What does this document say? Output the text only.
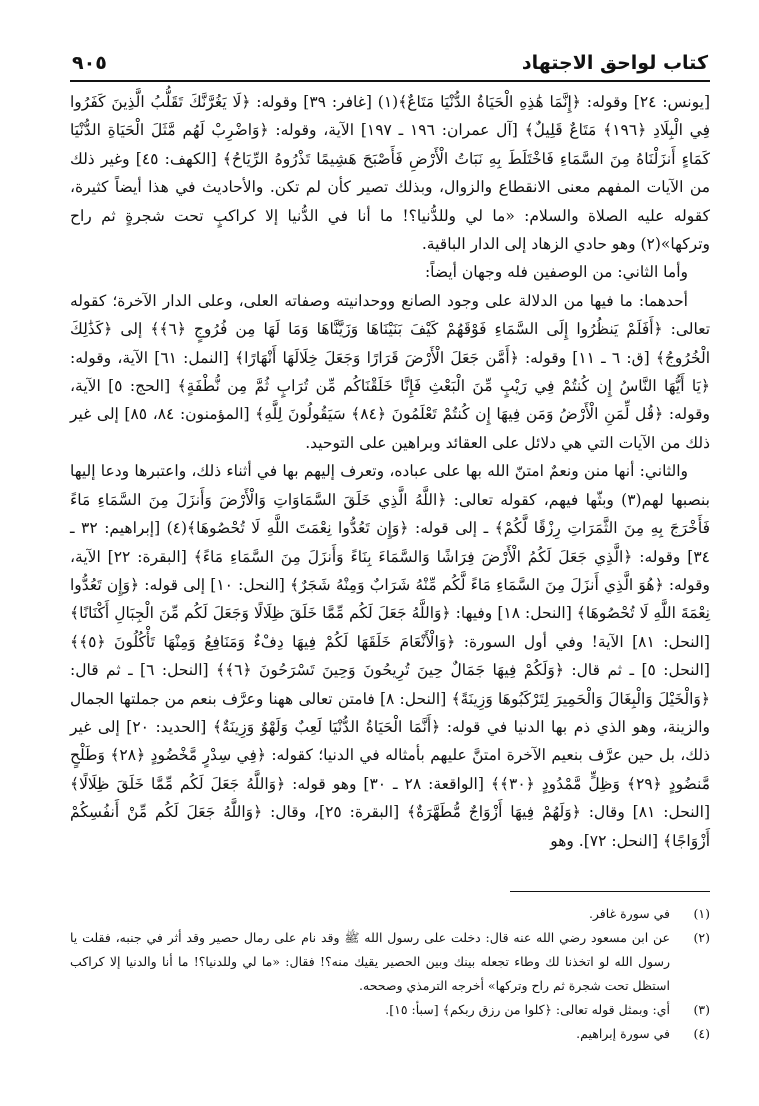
كتاب لواحق الاجتهاد
٩٠٥

[يونس: ٢٤] وقوله: ﴿إِنَّمَا هَٰذِهِ الْحَيَاةُ الدُّنْيَا مَتَاعٌ﴾(١) [غافر: ٣٩] وقوله: ﴿لَا يَغُرَّنَّكَ تَقَلُّبُ الَّذِينَ كَفَرُوا فِي الْبِلَادِ ﴿١٩٦﴾ مَتَاعٌ قَلِيلٌ﴾ [آل عمران: ١٩٦ ـ ١٩٧] الآية، وقوله: ﴿وَاضْرِبْ لَهُم مَّثَلَ الْحَيَاةِ الدُّنْيَا كَمَاءٍ أَنزَلْنَاهُ مِنَ السَّمَاءِ فَاخْتَلَطَ بِهِ نَبَاتُ الْأَرْضِ فَأَصْبَحَ هَشِيمًا تَذْرُوهُ الرِّيَاحُ﴾ [الكهف: ٤٥] وغير ذلك من الآيات المفهم معنى الانقطاع والزوال، وبذلك تصير كأن لم تكن. والأحاديث في هذا أيضاً كثيرة، كقوله عليه الصلاة والسلام: «ما لي وللدُّنيا؟! ما أنا في الدُّنيا إلا كراكبٍ تحت شجرةٍ ثم راح وتركها»(٢) وهو حادي الزهاد إلى الدار الباقية.

وأما الثاني: من الوصفين فله وجهان أيضاً:

أحدهما: ما فيها من الدلالة على وجود الصانع ووحدانيته وصفاته العلى، وعلى الدار الآخرة؛ كقوله تعالى: ﴿أَفَلَمْ يَنظُرُوا إِلَى السَّمَاءِ فَوْقَهُمْ كَيْفَ بَنَيْنَاهَا وَزَيَّنَّاهَا وَمَا لَهَا مِن فُرُوجٍ ﴿٦﴾﴾ إلى ﴿كَذَٰلِكَ الْخُرُوجُ﴾ [ق: ٦ ـ ١١] وقوله: ﴿أَمَّن جَعَلَ الْأَرْضَ قَرَارًا وَجَعَلَ خِلَالَهَا أَنْهَارًا﴾ [النمل: ٦١] الآية، وقوله: ﴿يَا أَيُّهَا النَّاسُ إِن كُنتُمْ فِي رَيْبٍ مِّنَ الْبَعْثِ فَإِنَّا خَلَقْنَاكُم مِّن تُرَابٍ ثُمَّ مِن نُّطْفَةٍ﴾ [الحج: ٥] الآية، وقوله: ﴿قُل لِّمَنِ الْأَرْضُ وَمَن فِيهَا إِن كُنتُمْ تَعْلَمُونَ ﴿٨٤﴾ سَيَقُولُونَ لِلَّهِ﴾ [المؤمنون: ٨٤، ٨٥] إلى غير ذلك من الآيات التي هي دلائل على العقائد وبراهين على التوحيد.

والثاني: أنها منن ونعمٌ امتنّ الله بها على عباده، وتعرف إليهم بها في أثناء ذلك، واعتبرها ودعا إليها بنصبها لهم(٣) وبثّها فيهم، كقوله تعالى: ﴿اللَّهُ الَّذِي خَلَقَ السَّمَاوَاتِ وَالْأَرْضَ وَأَنزَلَ مِنَ السَّمَاءِ مَاءً فَأَخْرَجَ بِهِ مِنَ الثَّمَرَاتِ رِزْقًا لَّكُمْ﴾ ـ إلى قوله: ﴿وَإِن تَعُدُّوا نِعْمَتَ اللَّهِ لَا تُحْصُوهَا﴾(٤) [إبراهيم: ٣٢ ـ ٣٤] وقوله: ﴿الَّذِي جَعَلَ لَكُمُ الْأَرْضَ فِرَاشًا وَالسَّمَاءَ بِنَاءً وَأَنزَلَ مِنَ السَّمَاءِ مَاءً﴾ [البقرة: ٢٢] الآية، وقوله: ﴿هُوَ الَّذِي أَنزَلَ مِنَ السَّمَاءِ مَاءً لَّكُم مِّنْهُ شَرَابٌ وَمِنْهُ شَجَرٌ﴾ [النحل: ١٠] إلى قوله: ﴿وَإِن تَعُدُّوا نِعْمَةَ اللَّهِ لَا تُحْصُوهَا﴾ [النحل: ١٨] وفيها: ﴿وَاللَّهُ جَعَلَ لَكُم مِّمَّا خَلَقَ ظِلَالًا وَجَعَلَ لَكُم مِّنَ الْجِبَالِ أَكْنَانًا﴾ [النحل: ٨١] الآية! وفي أول السورة: ﴿وَالْأَنْعَامَ خَلَقَهَا لَكُمْ فِيهَا دِفْءٌ وَمَنَافِعُ وَمِنْهَا تَأْكُلُونَ ﴿٥﴾﴾ [النحل: ٥] ـ ثم قال: ﴿وَلَكُمْ فِيهَا جَمَالٌ حِينَ تُرِيحُونَ وَحِينَ تَسْرَحُونَ ﴿٦﴾﴾ [النحل: ٦] ـ ثم قال: ﴿وَالْخَيْلَ وَالْبِغَالَ وَالْحَمِيرَ لِتَرْكَبُوهَا وَزِينَةً﴾ [النحل: ٨] فامتن تعالى ههنا وعرَّف بنعم من جملتها الجمال والزينة، وهو الذي ذم بها الدنيا في قوله: ﴿أَنَّمَا الْحَيَاةُ الدُّنْيَا لَعِبٌ وَلَهْوٌ وَزِينَةٌ﴾ [الحديد: ٢٠] إلى غير ذلك، بل حين عرَّف بنعيم الآخرة امتنَّ عليهم بأمثاله في الدنيا؛ كقوله: ﴿فِي سِدْرٍ مَّخْضُودٍ ﴿٢٨﴾ وَطَلْحٍ مَّنضُودٍ ﴿٢٩﴾ وَظِلٍّ مَّمْدُودٍ ﴿٣٠﴾﴾ [الواقعة: ٢٨ ـ ٣٠] وهو قوله: ﴿وَاللَّهُ جَعَلَ لَكُم مِّمَّا خَلَقَ ظِلَالًا﴾ [النحل: ٨١] وقال: ﴿وَلَهُمْ فِيهَا أَزْوَاجٌ مُّطَهَّرَةٌ﴾ [البقرة: ٢٥]، وقال: ﴿وَاللَّهُ جَعَلَ لَكُم مِّنْ أَنفُسِكُمْ أَزْوَاجًا﴾ [النحل: ٧٢]. وهو

(١)
في سورة غافر.
(٢)
عن ابن مسعود رضي الله عنه قال: دخلت على رسول الله ﷺ وقد نام على رمال حصير وقد أثر في جنبه، فقلت يا رسول الله لو اتخذنا لك وطاء تجعله بينك وبين الحصير يقيك منه؟! فقال: «ما لي وللدنيا؟! ما أنا والدنيا إلا كراكب استظل تحت شجرة ثم راح وتركها» أخرجه الترمذي وصححه.
(٣)
أي: وبمثل قوله تعالى: ﴿كلوا من رزق ربكم﴾ [سبأ: ١٥].
(٤)
في سورة إبراهيم.
